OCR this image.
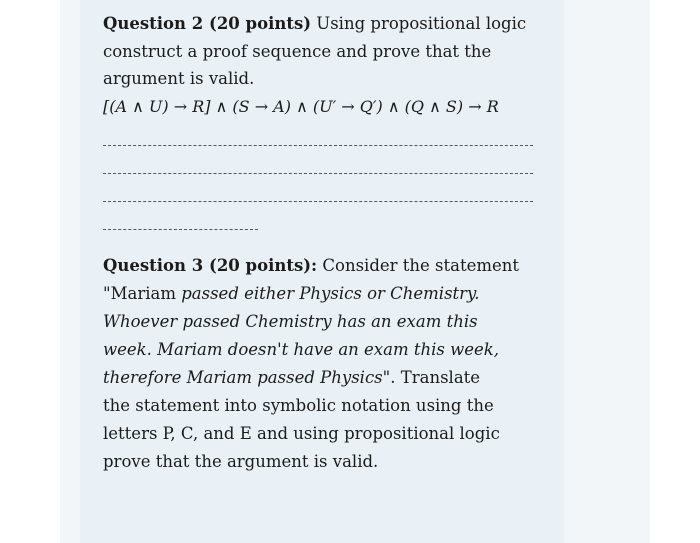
Question 2 (20 points) Using propositional logic

construct a proof sequence and prove that the

argument is valid.

[(A ∧ U) → R] ∧ (S → A) ∧ (U′ → Q′) ∧ (Q ∧ S) → R

Question 3 (20 points): Consider the statement

"Mariam passed either Physics or Chemistry.

Whoever passed Chemistry has an exam this

week. Mariam doesn't have an exam this week,

therefore Mariam passed Physics". Translate

the statement into symbolic notation using the

letters P, C, and E and using propositional logic

prove that the argument is valid.
